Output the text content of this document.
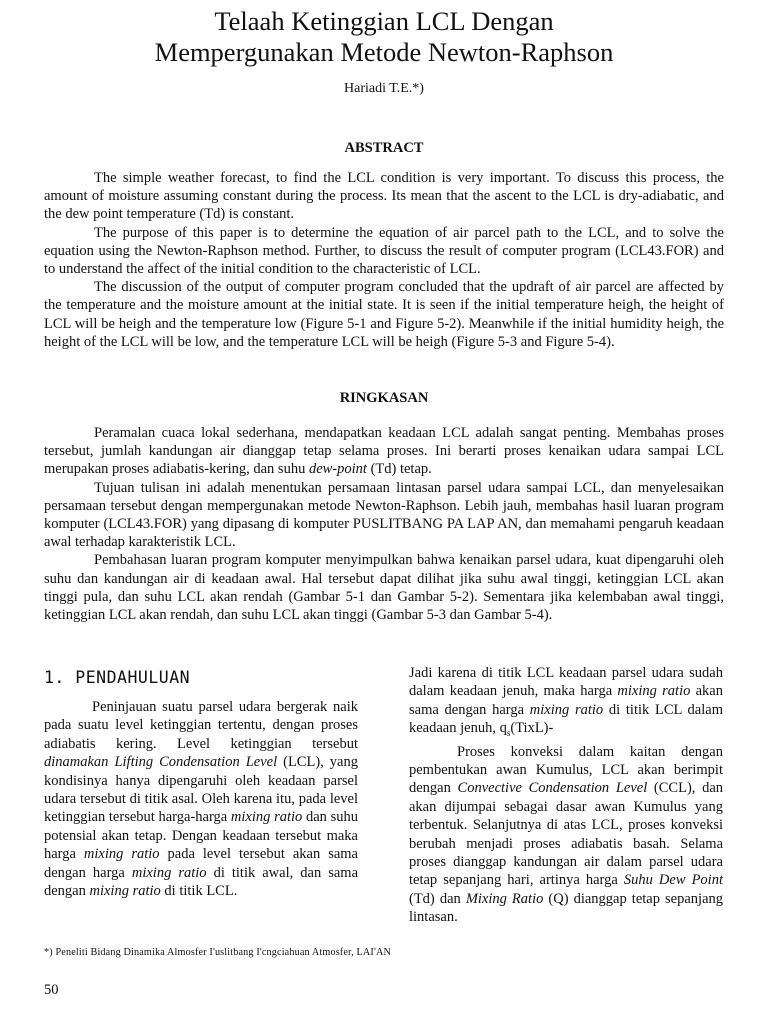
Telaah Ketinggian LCL Dengan
Mempergunakan Metode Newton-Raphson
Hariadi T.E.*)
ABSTRACT

The simple weather forecast, to find the LCL condition is very important. To discuss this process, the amount of moisture assuming constant during the process. Its mean that the ascent to the LCL is dry-adiabatic, and the dew point temperature (Td) is constant.

The purpose of this paper is to determine the equation of air parcel path to the LCL, and to solve the equation using the Newton-Raphson method. Further, to discuss the result of computer program (LCL43.FOR) and to understand the affect of the initial condition to the characteristic of LCL.

The discussion of the output of computer program concluded that the updraft of air parcel are affected by the temperature and the moisture amount at the initial state. It is seen if the initial temperature heigh, the height of LCL will be heigh and the temperature low (Figure 5-1 and Figure 5-2). Meanwhile if the initial humidity heigh, the height of the LCL will be low, and the temperature LCL will be heigh (Figure 5-3 and Figure 5-4).

RINGKASAN

Peramalan cuaca lokal sederhana, mendapatkan keadaan LCL adalah sangat penting. Membahas proses tersebut, jumlah kandungan air dianggap tetap selama proses. Ini berarti proses kenaikan udara sampai LCL merupakan proses adiabatis-kering, dan suhu dew-point (Td) tetap.

Tujuan tulisan ini adalah menentukan persamaan lintasan parsel udara sampai LCL, dan menyelesaikan persamaan tersebut dengan mempergunakan metode Newton-Raphson. Lebih jauh, membahas hasil luaran program komputer (LCL43.FOR) yang dipasang di komputer PUSLITBANG PA LAP AN, dan memahami pengaruh keadaan awal terhadap karakteristik LCL.

Pembahasan luaran program komputer menyimpulkan bahwa kenaikan parsel udara, kuat dipengaruhi oleh suhu dan kandungan air di keadaan awal. Hal tersebut dapat dilihat jika suhu awal tinggi, ketinggian LCL akan tinggi pula, dan suhu LCL akan rendah (Gambar 5-1 dan Gambar 5-2). Sementara jika kelembaban awal tinggi, ketinggian LCL akan rendah, dan suhu LCL akan tinggi (Gambar 5-3 dan Gambar 5-4).

1. PENDAHULUAN

Peninjauan suatu parsel udara bergerak naik pada suatu level ketinggian tertentu, dengan proses adiabatis kering. Level ketinggian tersebut dinamakan Lifting Condensation Level (LCL), yang kondisinya hanya dipengaruhi oleh keadaan parsel udara tersebut di titik asal. Oleh karena itu, pada level ketinggian tersebut harga-harga mixing ratio dan suhu potensial akan tetap. Dengan keadaan tersebut maka harga mixing ratio pada level tersebut akan sama dengan harga mixing ratio di titik awal, dan sama dengan mixing ratio di titik LCL.

Jadi karena di titik LCL keadaan parsel udara sudah dalam keadaan jenuh, maka harga mixing ratio akan sama dengan harga mixing ratio di titik LCL dalam keadaan jenuh, $q_s(TixL)-$

Proses konveksi dalam kaitan dengan pembentukan awan Kumulus, LCL akan berimpit dengan Convective Condensation Level (CCL), dan akan dijumpai sebagai dasar awan Kumulus yang terbentuk. Selanjutnya di atas LCL, proses konveksi berubah menjadi proses adiabatis basah. Selama proses dianggap kandungan air dalam parsel udara tetap sepanjang hari, artinya harga Suhu Dew Point (Td) dan Mixing Ratio (Q) dianggap tetap sepanjang lintasan.

*) Peneliti Bidang Dinamika Almosfer I'uslitbang I'cngciahuan Atmosfer, LAI'AN
50
